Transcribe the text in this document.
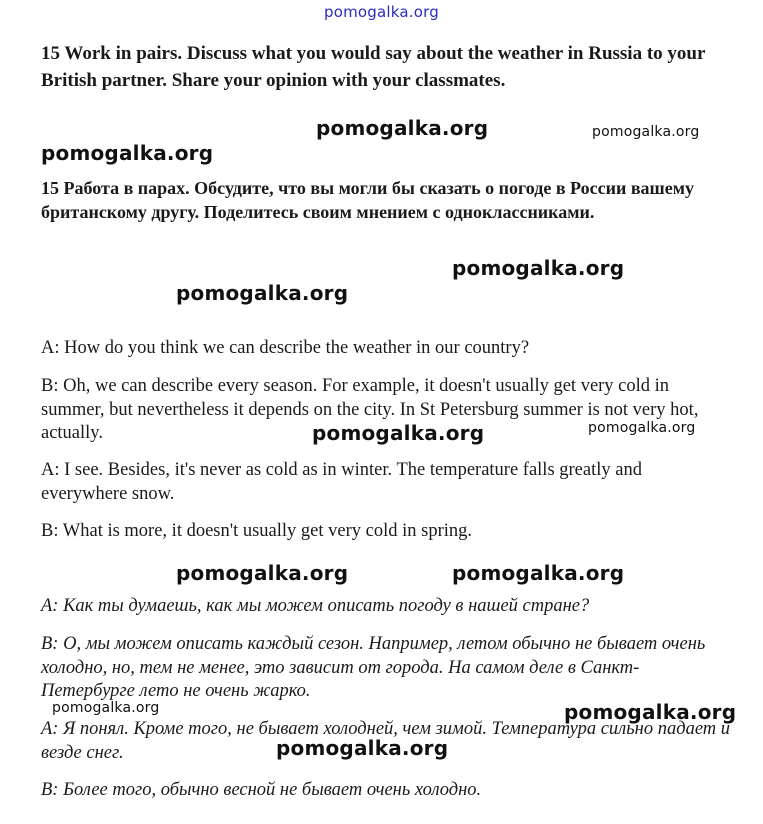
pomogalka.org
15 Work in pairs. Discuss what you would say about the weather in Russia to your British partner. Share your opinion with your classmates.
15 Работа в парах. Обсудите, что вы могли бы сказать о погоде в России вашему британскому другу. Поделитесь своим мнением с одноклассниками.
A: How do you think we can describe the weather in our country?
B: Oh, we can describe every season. For example, it doesn't usually get very cold in summer, but nevertheless it depends on the city. In St Petersburg summer is not very hot, actually.
A: I see. Besides, it's never as cold as in winter. The temperature falls greatly and everywhere snow.
B: What is more, it doesn't usually get very cold in spring.
А: Как ты думаешь, как мы можем описать погоду в нашей стране?
В: О, мы можем описать каждый сезон. Например, летом обычно не бывает очень холодно, но, тем не менее, это зависит от города. На самом деле в Санкт-Петербурге лето не очень жарко.
А: Я понял. Кроме того, не бывает холодней, чем зимой. Температура сильно падает и везде снег.
В: Более того, обычно весной не бывает очень холодно.
pomogalka.org	pomogalka.org
pomogalka.org
pomogalka.org
pomogalka.org
pomogalka.org	pomogalka.org
pomogalka.org	pomogalka.org
pomogalka.org	pomogalka.org
pomogalka.org
